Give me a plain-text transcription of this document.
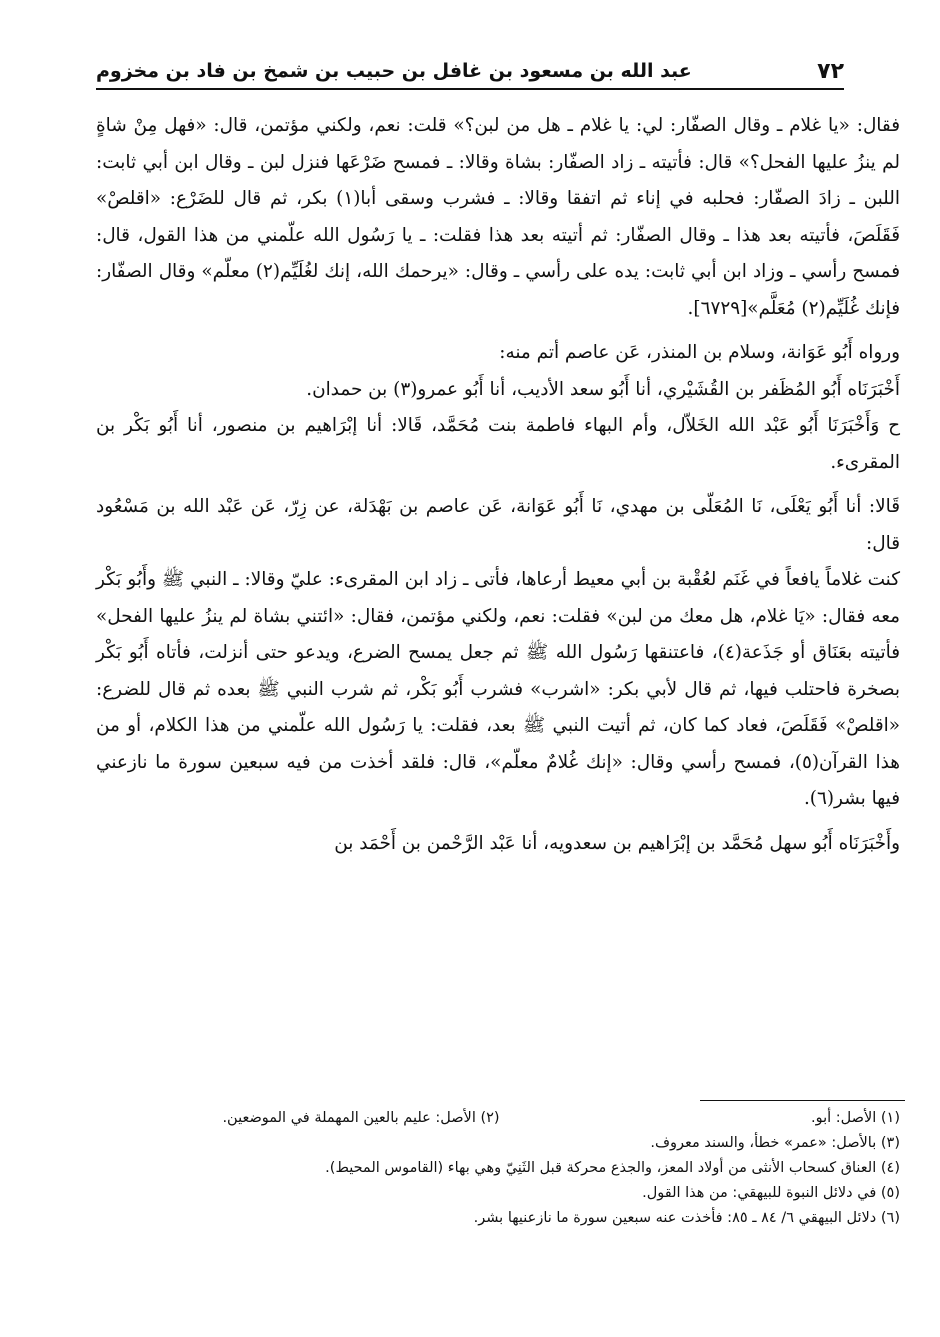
٧٢
عبد الله بن مسعود بن غافل بن حبيب بن شمخ بن فاد بن مخزوم

فقال: «يا غلام ـ وقال الصفّار: لي: يا غلام ـ هل من لبن؟» قلت: نعم، ولكني مؤتمن، قال: «فهل مِنْ شاةٍ لم ينزُ عليها الفحل؟» قال: فأتيته ـ زاد الصفّار: بشاة وقالا: ـ فمسح ضَرْعَها فنزل لبن ـ وقال ابن أبي ثابت: اللبن ـ زادَ الصفّار: فحلبه في إناء ثم اتفقا وقالا: ـ فشرب وسقى أبا(١) بكر، ثم قال للضَرْع: «اقلصْ» فَقَلَصَ، فأتيته بعد هذا ـ وقال الصفّار: ثم أتيته بعد هذا فقلت: ـ يا رَسُول الله علّمني من هذا القول، قال: فمسح رأسي ـ وزاد ابن أبي ثابت: يده على رأسي ـ وقال: «يرحمك الله، إنك لغُلَيِّم(٢) معلّم» وقال الصفّار: فإنك غُلَيِّم(٢) مُعَلَّم»[٦٧٢٩].

ورواه أَبُو عَوَانة، وسلام بن المنذر، عَن عاصم أتم منه:

أَخْبَرَنَاه أَبُو المُظَفر بن القُشَيْري، أنا أَبُو سعد الأديب، أنا أَبُو عمرو(٣) بن حمدان.

ح وَأَخْبَرَنَا أَبُو عَبْد الله الخَلاّل، وأم البهاء فاطمة بنت مُحَمَّد، قَالا: أنا إبْرَاهيم بن منصور، أنا أَبُو بَكْر بن المقرىء.

قَالا: أنا أَبُو يَعْلَى، نَا المُعَلّى بن مهدي، نَا أَبُو عَوَانة، عَن عاصم بن بَهْدَلة، عن زِرّ، عَن عَبْد الله بن مَسْعُود قال:

كنت غلاماً يافعاً في غَنَم لعُقْبة بن أبي معيط أرعاها، فأتى ـ زاد ابن المقرىء: عليّ وقالا: ـ النبي ﷺ وأَبُو بَكْر معه فقال: «يَا غلام، هل معك من لبن» فقلت: نعم، ولكني مؤتمن، فقال: «ائتني بشاة لم ينزُ عليها الفحل» فأتيته بعَنَاق أو جَذَعة(٤)، فاعتنقها رَسُول الله ﷺ ثم جعل يمسح الضرع، ويدعو حتى أنزلت، فأتاه أَبُو بَكْر بصخرة فاحتلب فيها، ثم قال لأبي بكر: «اشرب» فشرب أَبُو بَكْر، ثم شرب النبي ﷺ بعده ثم قال للضرع: «اقلصْ» فَقَلَصَ، فعاد كما كان، ثم أتيت النبي ﷺ بعد، فقلت: يا رَسُول الله علّمني من هذا الكلام، أو من هذا القرآن(٥)، فمسح رأسي وقال: «إنك غُلامٌ معلّم»، قال: فلقد أخذت من فيه سبعين سورة ما نازعني فيها بشر(٦).

وأَخْبَرَنَاه أَبُو سهل مُحَمَّد بن إبْرَاهيم بن سعدويه، أنا عَبْد الرَّحْمن بن أَحْمَد بن

(١) الأصل: أبو.
(٢) الأصل: عليم بالعين المهملة في الموضعين.
(٣) بالأصل: «عمر» خطأ، والسند معروف.
(٤) العناق كسحاب الأنثى من أولاد المعز، والجذع محركة قبل الثَنِيّ وهي بهاء (القاموس المحيط).
(٥) في دلائل النبوة للبيهقي: من هذا القول.
(٦) دلائل البيهقي ٦/ ٨٤ ـ ٨٥: فأخذت عنه سبعين سورة ما نازعنيها بشر.
